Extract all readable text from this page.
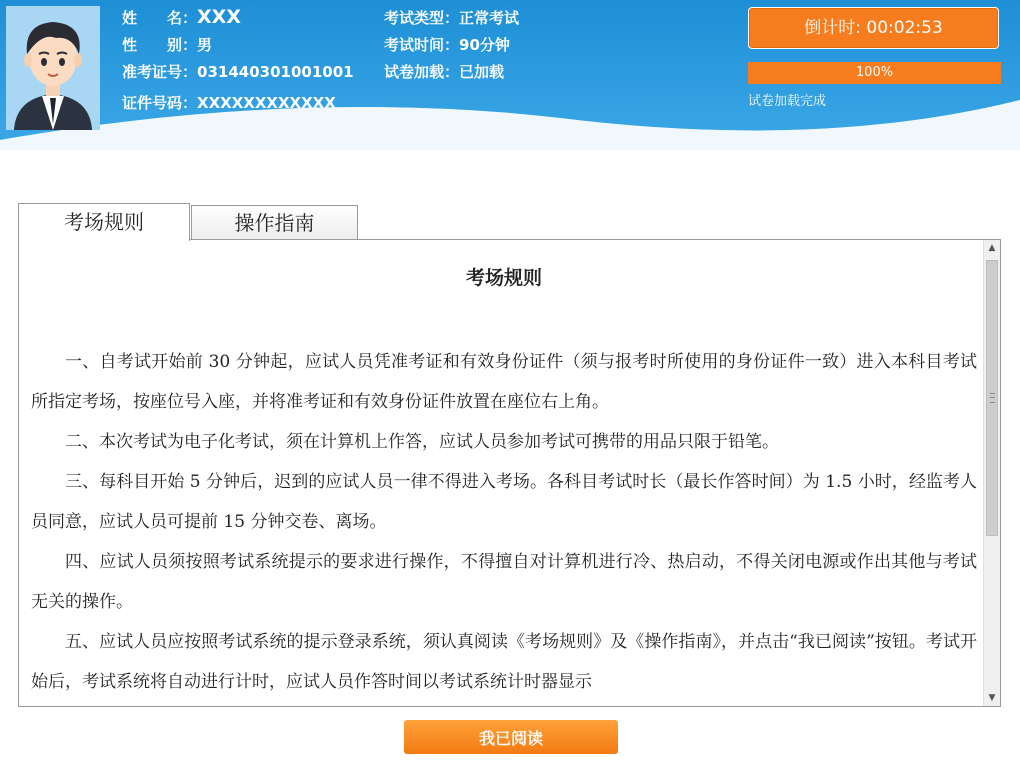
姓　　名：XXX
性　　别：男
准考证号：031440301001001
证件号码：XXXXXXXXXXXX
考试类型：正常考试
考试时间：90分钟
试卷加载：已加载
倒计时: 00:02:53
100%
试卷加载完成
考场规则	操作指南
考场规则

一、自考试开始前 30 分钟起，应试人员凭准考证和有效身份证件（须与报考时所使用的身份证件一致）进入本科目考试所指定考场，按座位号入座，并将准考证和有效身份证件放置在座位右上角。

二、本次考试为电子化考试，须在计算机上作答，应试人员参加考试可携带的用品只限于铅笔。

三、每科目开始 5 分钟后，迟到的应试人员一律不得进入考场。各科目考试时长（最长作答时间）为 1.5 小时，经监考人员同意，应试人员可提前 15 分钟交卷、离场。

四、应试人员须按照考试系统提示的要求进行操作，不得擅自对计算机进行冷、热启动，不得关闭电源或作出其他与考试无关的操作。

五、应试人员应按照考试系统的提示登录系统，须认真阅读《考场规则》及《操作指南》，并点击“我已阅读”按钮。考试开始后，考试系统将自动进行计时，应试人员作答时间以考试系统计时器显示

▲
▼
我已阅读
